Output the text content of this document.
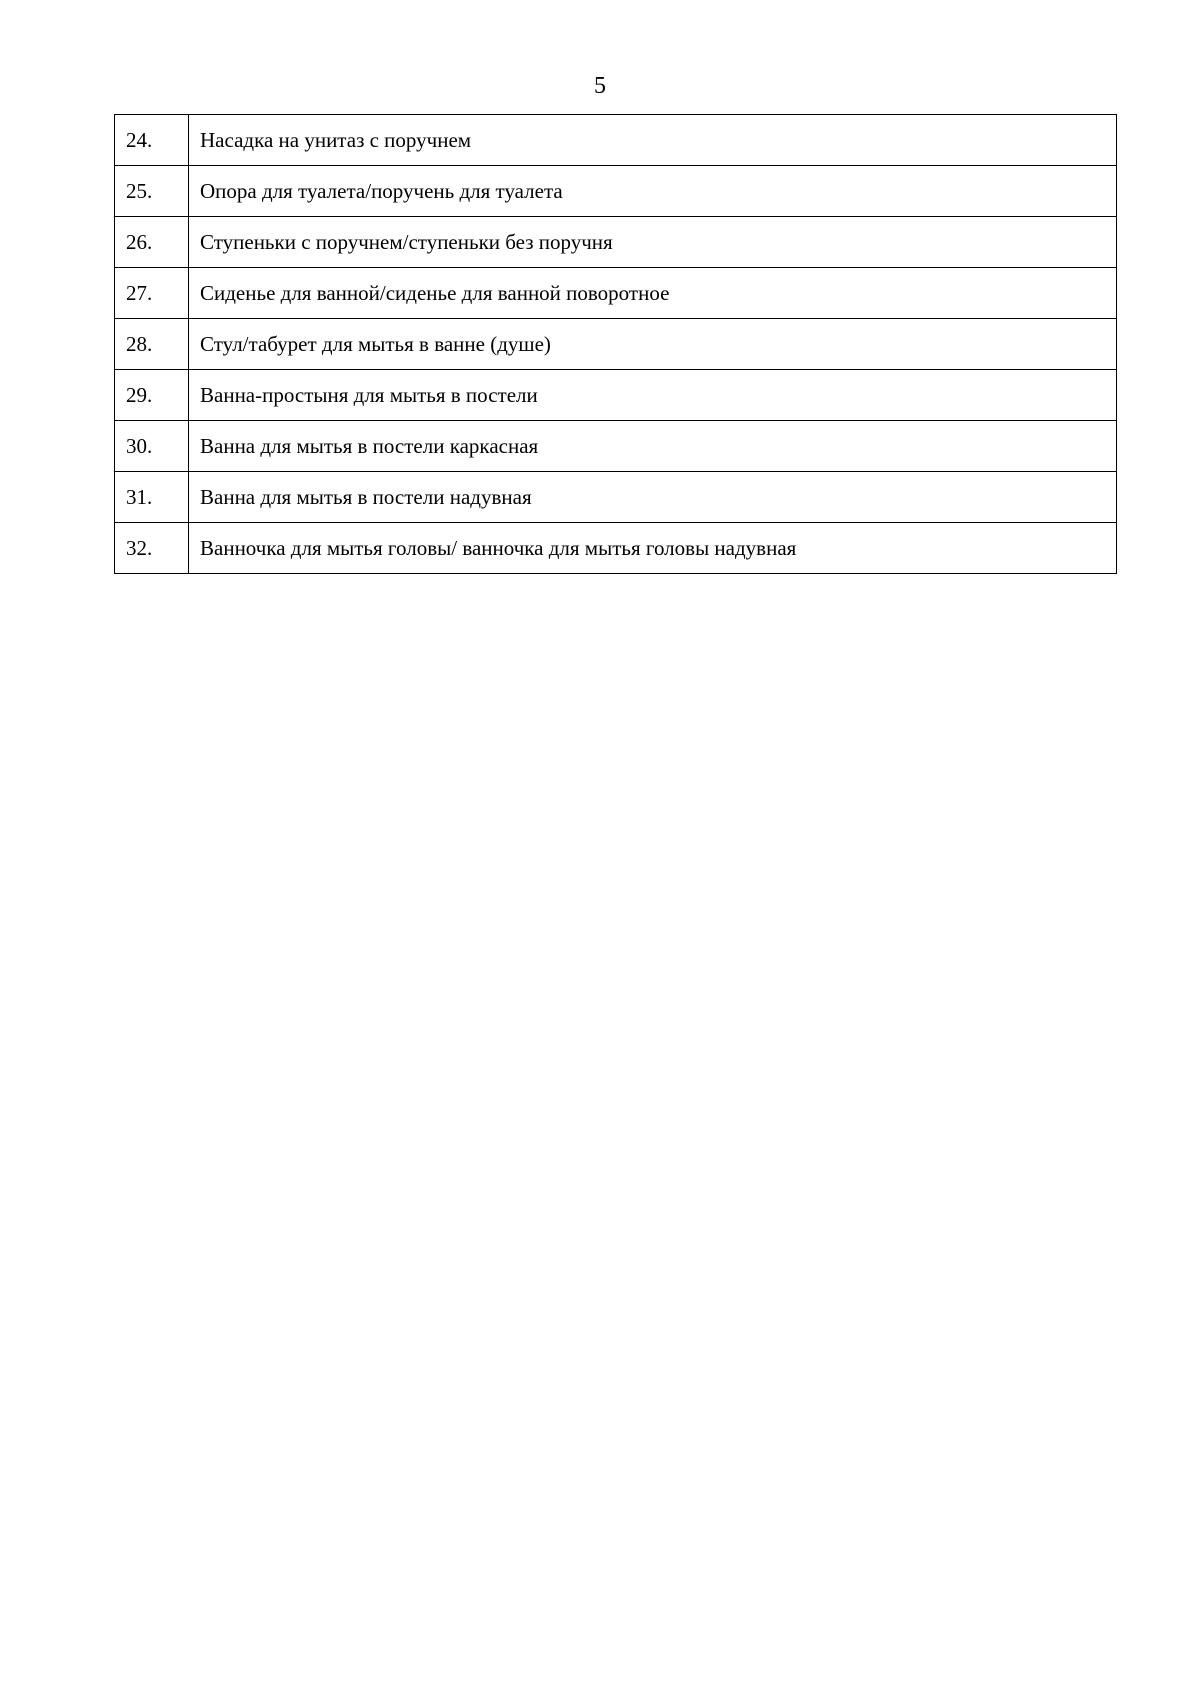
5
24.	Насадка на унитаз с поручнем
25.	Опора для туалета/поручень для туалета
26.	Ступеньки с поручнем/ступеньки без поручня
27.	Сиденье для ванной/сиденье для ванной поворотное
28.	Стул/табурет для мытья в ванне (душе)
29.	Ванна-простыня для мытья в постели
30.	Ванна для мытья в постели каркасная
31.	Ванна для мытья в постели надувная
32.	Ванночка для мытья головы/ ванночка для мытья головы надувная
